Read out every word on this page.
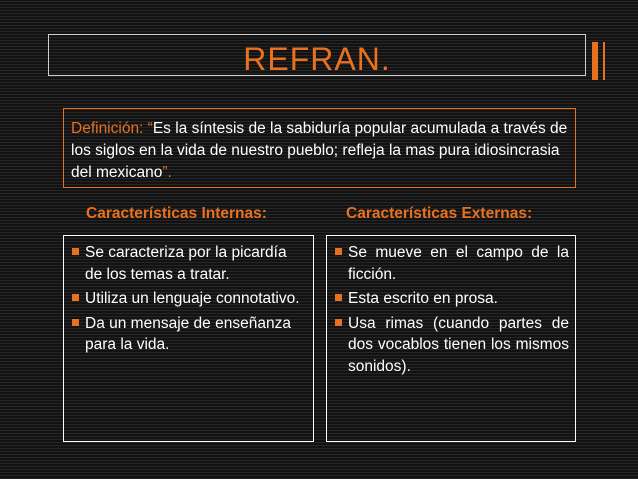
REFRAN.
Definición: “Es la síntesis de la sabiduría popular acumulada a través de los siglos en la vida de nuestro pueblo; refleja la mas pura idiosincrasia del mexicano”.
Características Internas:	Características Externas:
Se caracteriza por la picardía de los temas a tratar.
Utiliza un lenguaje connotativo.
Da un mensaje de enseñanza para la vida.
Se mueve en el campo de la ficción.
Esta escrito en prosa.
Usa rimas (cuando partes de dos vocablos tienen los mismos sonidos).
